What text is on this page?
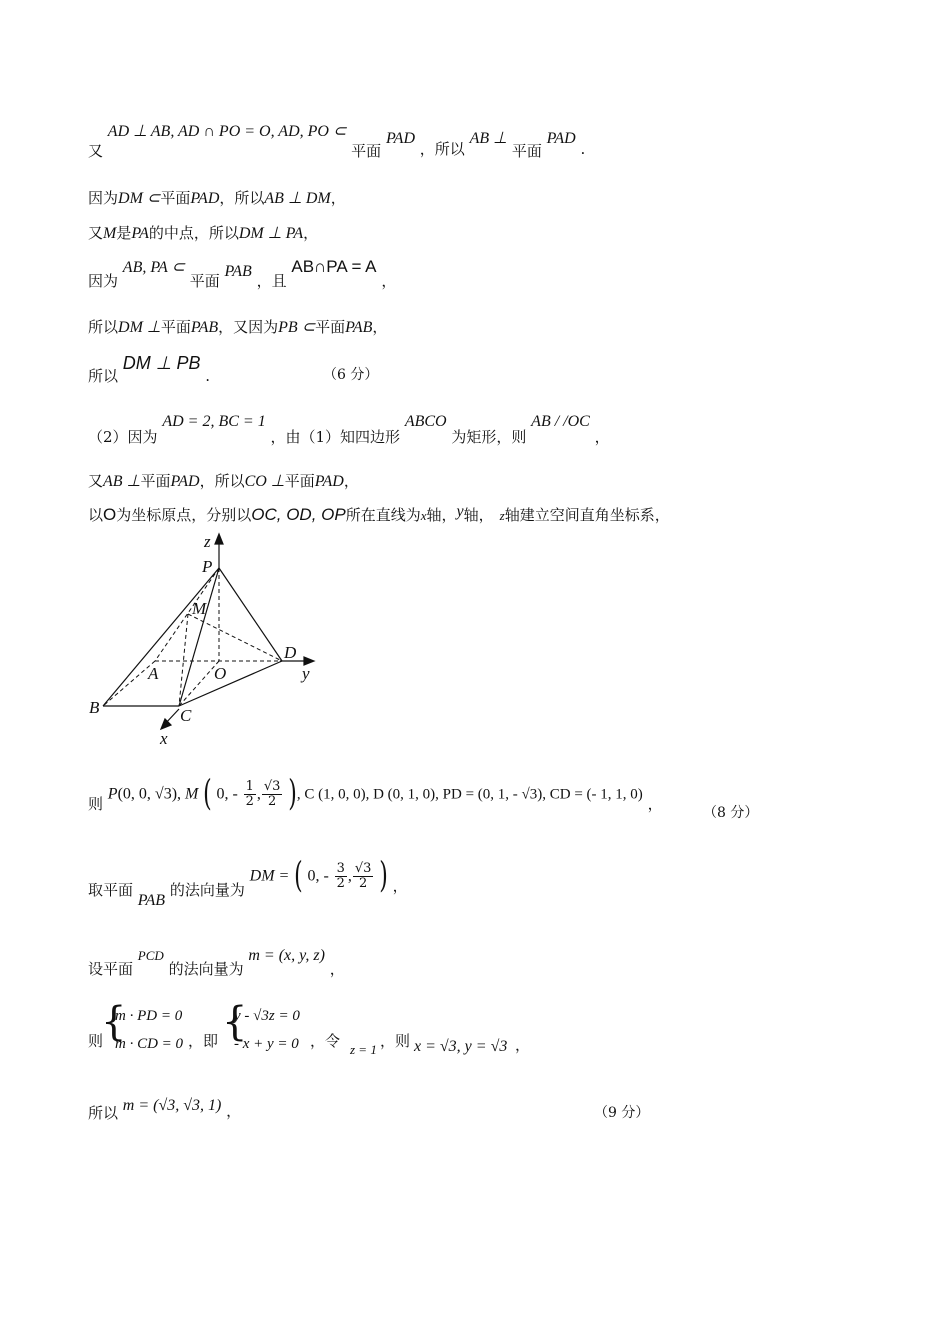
又 AD ⊥ AB, AD ∩ PO = O, AD, PO ⊂ 平面 PAD ，所以 AB ⊥ 平面 PAD .
因为DM ⊂平面PAD，所以AB ⊥ DM，
又M是PA的中点，所以DM ⊥ PA，
因为 AB, PA ⊂ 平面 PAB ，且 AB∩PA = A ，
所以DM ⊥平面PAB，又因为PB ⊂平面PAB，
所以 DM ⊥ PB .	（6 分）
（2）因为 AD = 2, BC = 1 ，由（1）知四边形 ABCO 为矩形，则 AB / /OC ，
又AB ⊥平面PAD，所以CO ⊥平面PAD，
以O为坐标原点，分别以OC, OD, OP所在直线为x轴，y轴， z轴建立空间直角坐标系，
z
P
M
D
y
A	O
B	C
x
则 P(0, 0, √3), M ( 0, - $\frac{1}{2}$ , $\frac{√3}{2}$ ), C (1, 0, 0), D (0, 1, 0), PD = (0, 1, - √3), CD = (- 1, 1, 0) ，
（8 分）
取平面 PAB 的法向量为 DM = ( 0, - $\frac{3}{2}$ , $\frac{√3}{2}$ ) ，
设平面 PCD 的法向量为 m = (x, y, z) ，
则
{
m · PD = 0
m · CD = 0 ，即 {
y - √3z = 0
- x + y = 0 ，令 z = 1 ，则 x = √3, y = √3 ，
所以 m = (√3, √3, 1) ，	（9 分）
